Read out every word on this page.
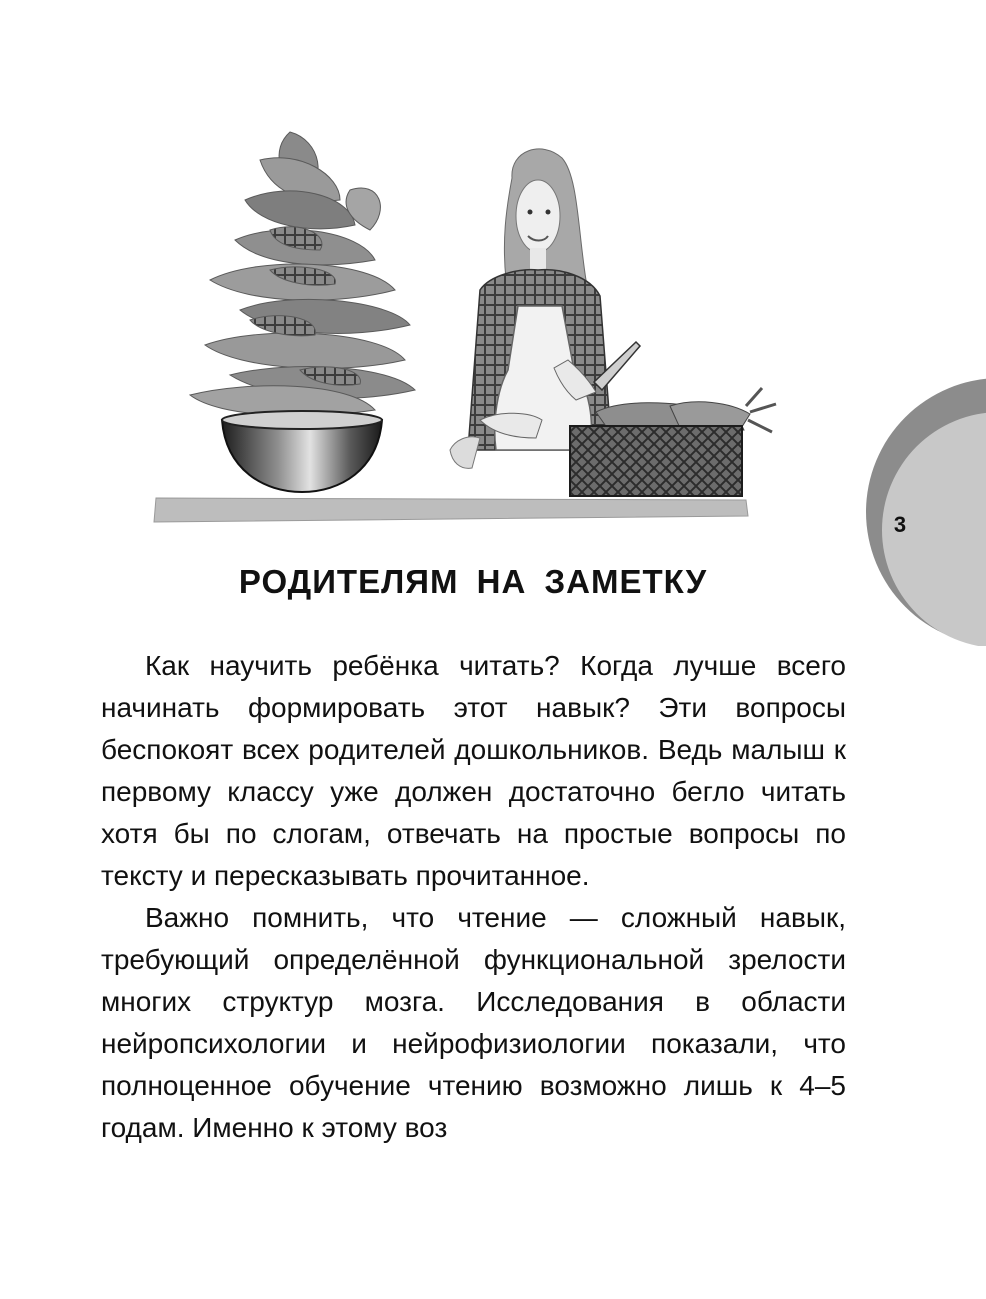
3
РОДИТЕЛЯМ НА ЗАМЕТКУ

Как научить ребёнка читать? Когда лучше всего начинать формировать этот навык? Эти вопросы беспокоят всех родителей дошкольников. Ведь малыш к первому классу уже должен достаточно бегло читать хотя бы по слогам, отвечать на простые вопросы по тексту и пересказывать прочитанное.

Важно помнить, что чтение — сложный навык, требующий определённой функциональной зрелости многих структур мозга. Исследования в области нейропсихологии и нейрофизиологии показали, что полноценное обучение чтению возможно лишь к 4–5 годам. Именно к этому воз
